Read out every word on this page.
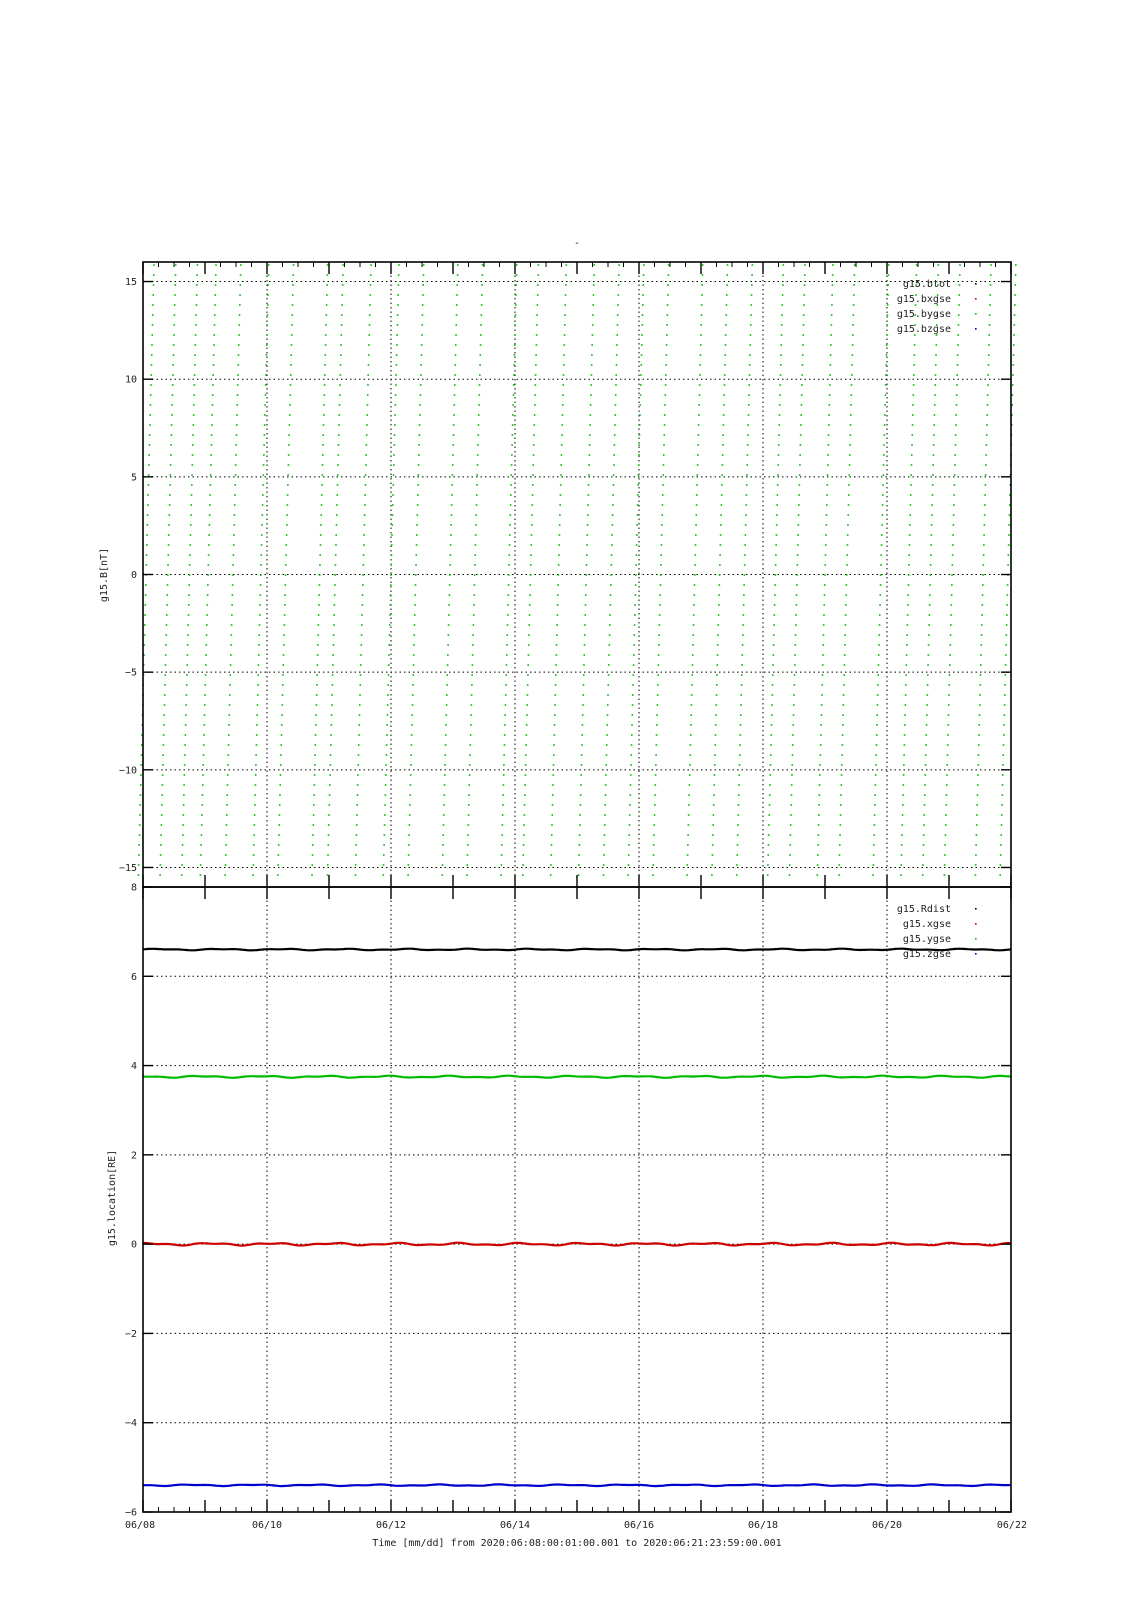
-
15
10
5
0
−5
−10
−15
g15.B[nT]
g15.btot
g15.bxgse
g15.bygse
g15.bzgse
8
6
4
2
0
−2
−4
−6
06/08	06/10	06/12	06/14	06/16	06/18	06/20	06/22
g15.location[RE]
g15.Rdist
g15.xgse
g15.ygse
g15.zgse
Time [mm/dd] from 2020:06:08:00:01:00.001 to 2020:06:21:23:59:00.001
